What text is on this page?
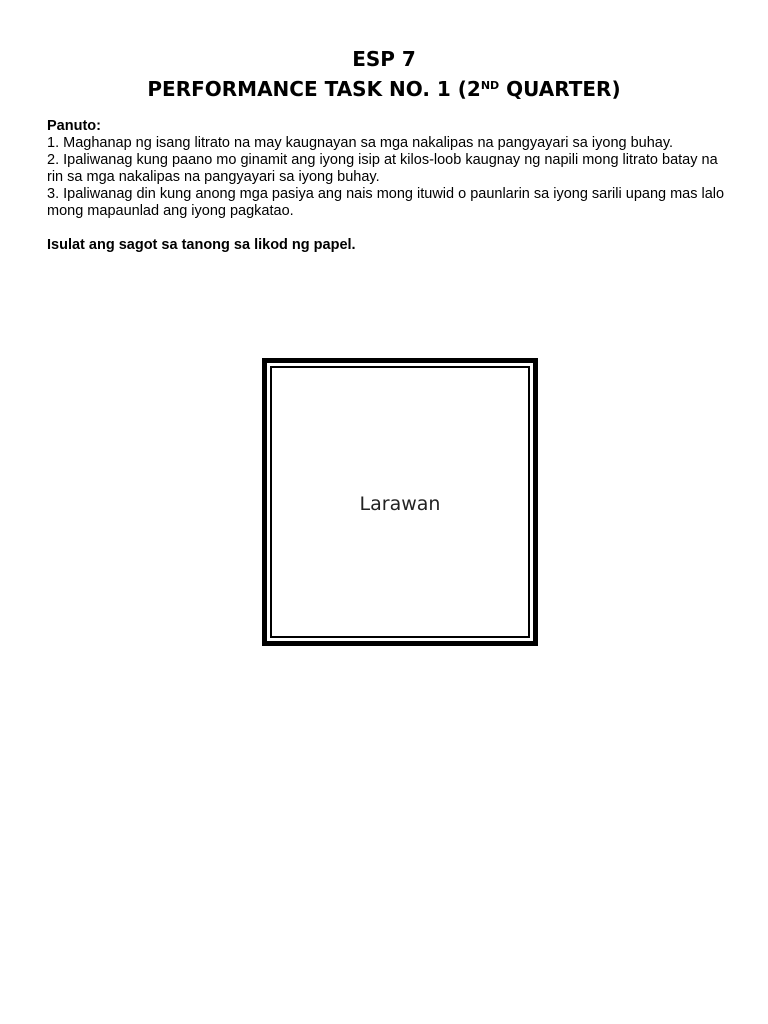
ESP 7
PERFORMANCE TASK NO. 1 (2ND QUARTER)
Panuto:
1. Maghanap ng isang litrato na may kaugnayan sa mga nakalipas na pangyayari sa iyong buhay.
2. Ipaliwanag kung paano mo ginamit ang iyong isip at kilos-loob kaugnay ng napili mong litrato batay na rin sa mga nakalipas na pangyayari sa iyong buhay.
3. Ipaliwanag din kung anong mga pasiya ang nais mong ituwid o paunlarin sa iyong sarili upang mas lalo mong mapaunlad ang iyong pagkatao.
Isulat ang sagot sa tanong sa likod ng papel.
Larawan
